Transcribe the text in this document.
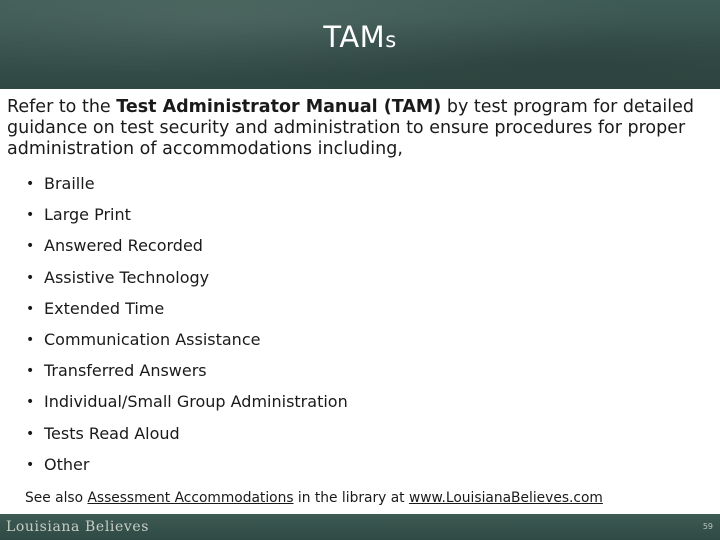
TAMs
Refer to the Test Administrator Manual (TAM) by test program for detailed guidance on test security and administration to ensure procedures for proper administration of accommodations including,
• Braille
• Large Print
• Answered Recorded
• Assistive Technology
• Extended Time
• Communication Assistance
• Transferred Answers
• Individual/Small Group Administration
• Tests Read Aloud
• Other
See also Assessment Accommodations in the library at www.LouisianaBelieves.com
Louisiana Believes	59
